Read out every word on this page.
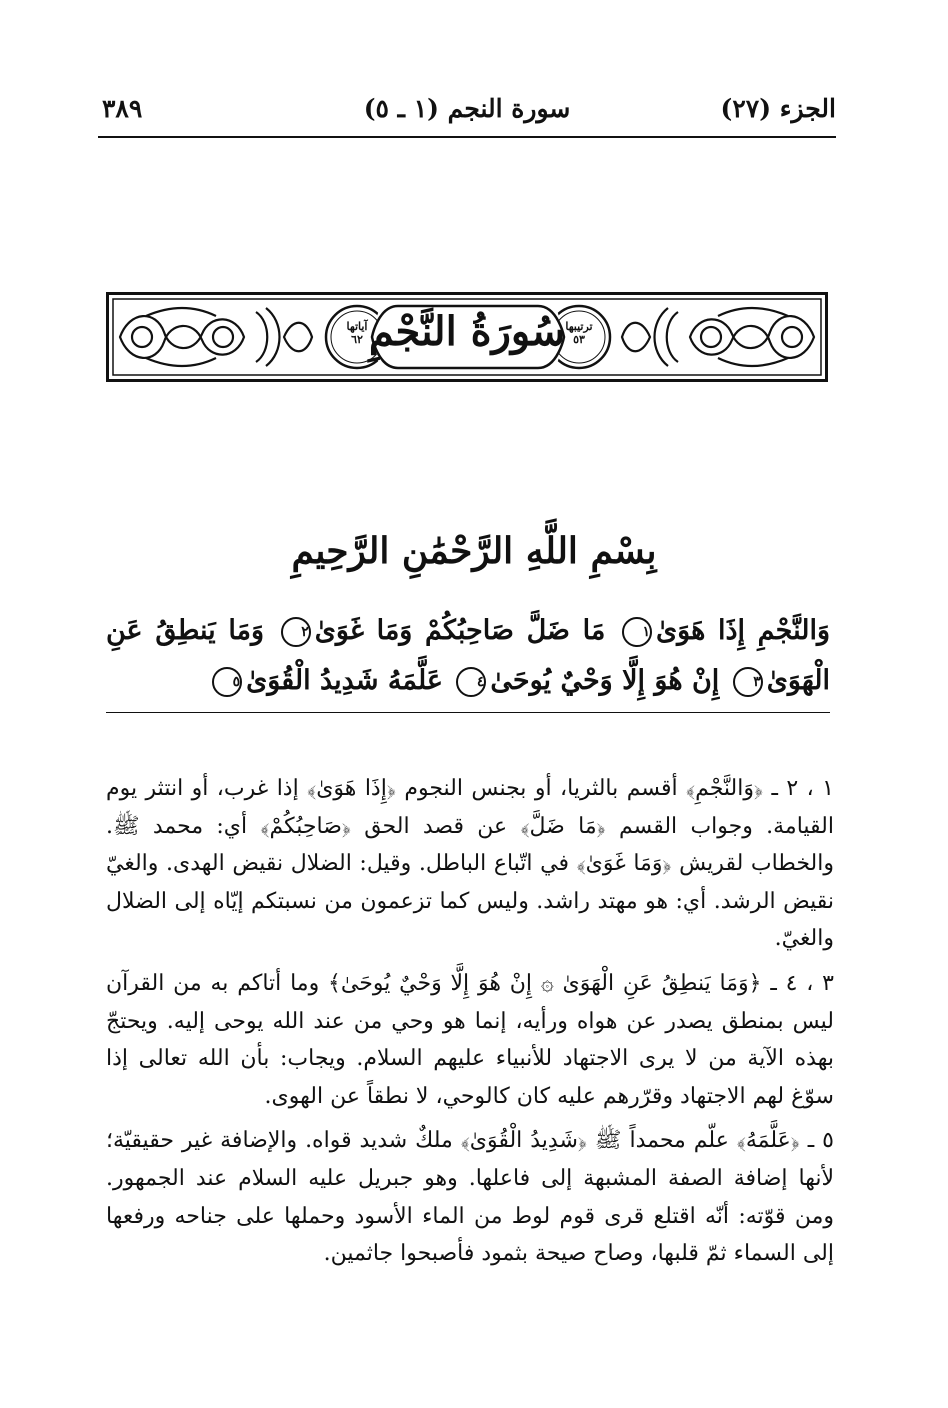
الجزء (٢٧)
سورة النجم (١ ـ ٥)
٣٨٩
آياتها
٦٢
ترتيبها
٥٣
سُورَةُ النَّجْمِ
بِسْمِ اللَّهِ الرَّحْمَٰنِ الرَّحِيمِ
وَالنَّجْمِ إِذَا هَوَىٰ١ مَا ضَلَّ صَاحِبُكُمْ وَمَا غَوَىٰ٢ وَمَا يَنطِقُ عَنِ الْهَوَىٰ٣ إِنْ هُوَ إِلَّا وَحْيٌ يُوحَىٰ٤ عَلَّمَهُ شَدِيدُ الْقُوَىٰ٥

١ ، ٢ ـ ﴿وَالنَّجْمِ﴾ أقسم بالثريا، أو بجنس النجوم ﴿إِذَا هَوَىٰ﴾ إذا غرب، أو انتثر يوم القيامة. وجواب القسم ﴿مَا ضَلَّ﴾ عن قصد الحق ﴿صَاحِبُكُمْ﴾ أي: محمد ﷺ. والخطاب لقريش ﴿وَمَا غَوَىٰ﴾ في اتّباع الباطل. وقيل: الضلال نقيض الهدى. والغيّ نقيض الرشد. أي: هو مهتد راشد. وليس كما تزعمون من نسبتكم إيّاه إلى الضلال والغيّ.

٣ ، ٤ ـ ﴿وَمَا يَنطِقُ عَنِ الْهَوَىٰ ۞ إِنْ هُوَ إِلَّا وَحْيٌ يُوحَىٰ﴾ وما أتاكم به من القرآن ليس بمنطق يصدر عن هواه ورأيه، إنما هو وحي من عند الله يوحى إليه. ويحتجّ بهذه الآية من لا يرى الاجتهاد للأنبياء عليهم السلام. ويجاب: بأن الله تعالى إذا سوّغ لهم الاجتهاد وقرّرهم عليه كان كالوحي، لا نطقاً عن الهوى.

٥ ـ ﴿عَلَّمَهُ﴾ علّم محمداً ﷺ ﴿شَدِيدُ الْقُوَىٰ﴾ ملكٌ شديد قواه. والإضافة غير حقيقيّة؛ لأنها إضافة الصفة المشبهة إلى فاعلها. وهو جبريل عليه السلام عند الجمهور. ومن قوّته: أنّه اقتلع قرى قوم لوط من الماء الأسود وحملها على جناحه ورفعها إلى السماء ثمّ قلبها، وصاح صيحة بثمود فأصبحوا جاثمين.
